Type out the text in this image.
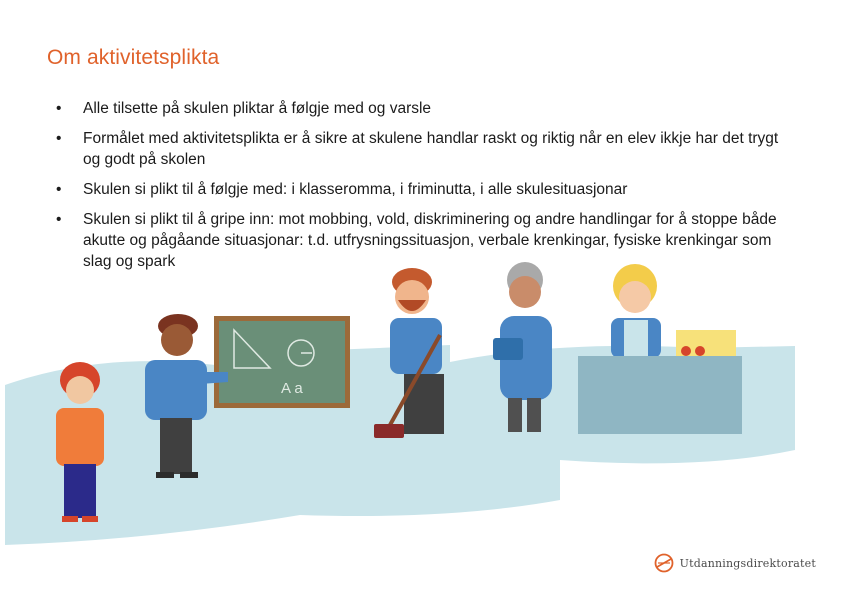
Om aktivitetsplikta
• Alle tilsette på skulen pliktar å følgje med og varsle
• Formålet med aktivitetsplikta er å sikre at skulene handlar raskt og riktig når en elev ikkje har det trygt og godt på skolen
• Skulen si plikt til å følgje med: i klasseromma, i friminutta, i alle skulesituasjonar
• Skulen si plikt til å gripe inn: mot mobbing, vold, diskriminering og andre handlingar for å stoppe både akutte og pågåande situasjonar: t.d. utfrysningssituasjon, verbale krenkingar, fysiske krenkingar som slag og spark
A a
Utdanningsdirektoratet
